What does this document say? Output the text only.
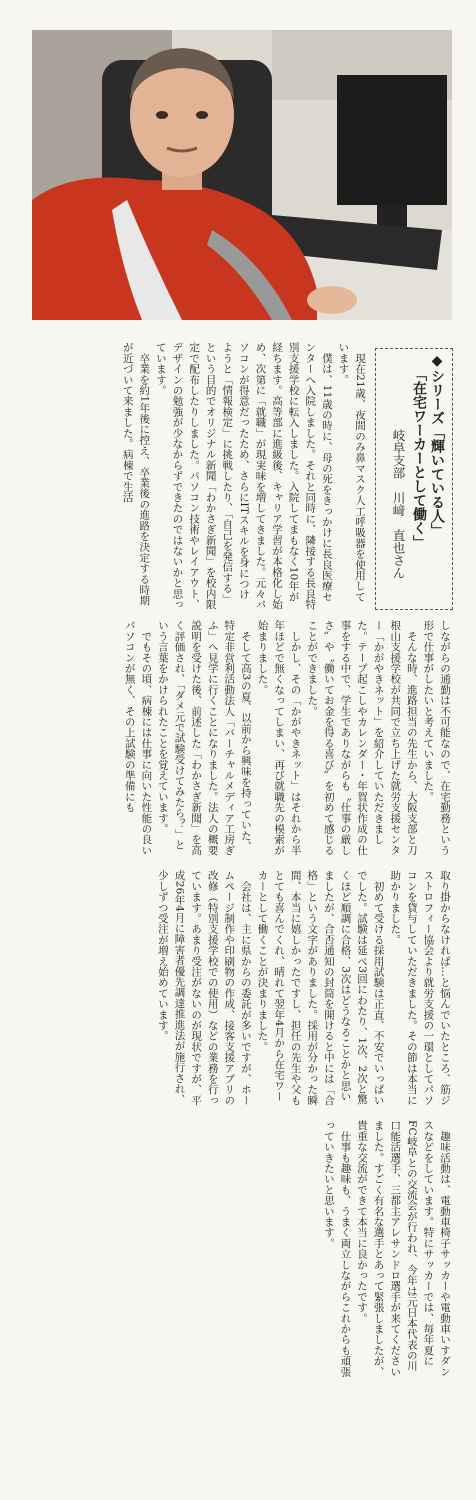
◆シリーズ「輝いている人」
「在宅ワーカーとして働く」
岐阜支部　川﨑　直也さん
　現在21歳、夜間のみ鼻マスク人工呼吸器を使用しています。
　僕は、11歳の時に、母の死をきっかけに長良医療センターへ入院しました。それと同時に、隣接する長良特別支援学校に転入しました。入院してまもなく10年が経ちます。高等部に進級後、キャリア学習が本格化し始め、次第に「就職」が現実味を増してきました。元々パソコンが得意だったため、さらにITスキルを身につけようと「情報検定」に挑戦したり、「自己を発信する」という目的でオリジナル新聞「わかさぎ新聞」を校内限定で配布したりしました。パソコン技術やレイアウト、デザインの勉強が少なからずできたのではないかと思っています。
　卒業を約1年後に控え、卒業後の進路を決定する時期が近づいて来ました。病棟で生活
しながらの通勤は不可能なので、在宅勤務という形で仕事がしたいと考えていました。
　そんな時、進路担当の先生から、大阪支部と刀根山支援学校が共同で立ち上げた就労支援センター「かがやきネット」を紹介していただきました。テープ起こしやカレンダー・年賀状作成の仕事をする中で、学生でありながらも〝仕事の厳しさ〟や〝働いてお金を得る喜び〟を初めて感じることができました。
　しかし、その「かがやきネット」はそれから半年ほどで無くなってしまい、再び就職先の模索が始まりました。
　そして高3の夏、以前から興味を持っていた、特定非営利活動法人「バーチャルメディア工房ぎふ」へ見学に行くことになりました。法人の概要説明を受けた後、前述した「わかさぎ新聞」を高く評価され、「ダメ元で試験受けてみたら？」という言葉をかけられたことを覚えています。
　でもその頃、病棟には仕事に向いた性能の良いパソコンが無く、その上試験の準備にも
取り掛からなければ…と悩んでいたところ、筋ジストロフィー協会より就労支援の一環としてパソコンを貸与していただきました。その節は本当に助かりました。
　初めて受ける採用試験は正直、不安でいっぱいでした。試験は延べ3回にわたり、1次、2次と驚くほど順調に合格、3次はどうなることかと思いましたが、合否通知の封筒を開けると中には「合格」という文字がありました。採用が分かった瞬間、本当に嬉しかったですし、担任の先生や父もとても喜んでくれ、晴れて翌年4月から在宅ワーカーとして働くことが決まりました。
　会社は、主に県からの委託が多いですが、ホームページ制作や印刷物の作成、接客支援アプリの改修（特別支援学校での使用）などの業務を行っています。あまり受注がないのが現状ですが、平成26年4月に障害者優先調達推進法が施行され、少しずつ受注が増え始めています。
　趣味活動は、電動車椅子サッカーや電動車いすダンスなどをしています。特にサッカーでは、毎年夏にFC岐阜との交流会が行われ、今年は元日本代表の川口能活選手、三都主アレサンドロ選手が来てくださいました。すごく有名な選手とあって緊張しましたが、貴重な交流ができて本当に良かったです。
　仕事も趣味も、うまく両立しながらこれからも頑張っていきたいと思います。
